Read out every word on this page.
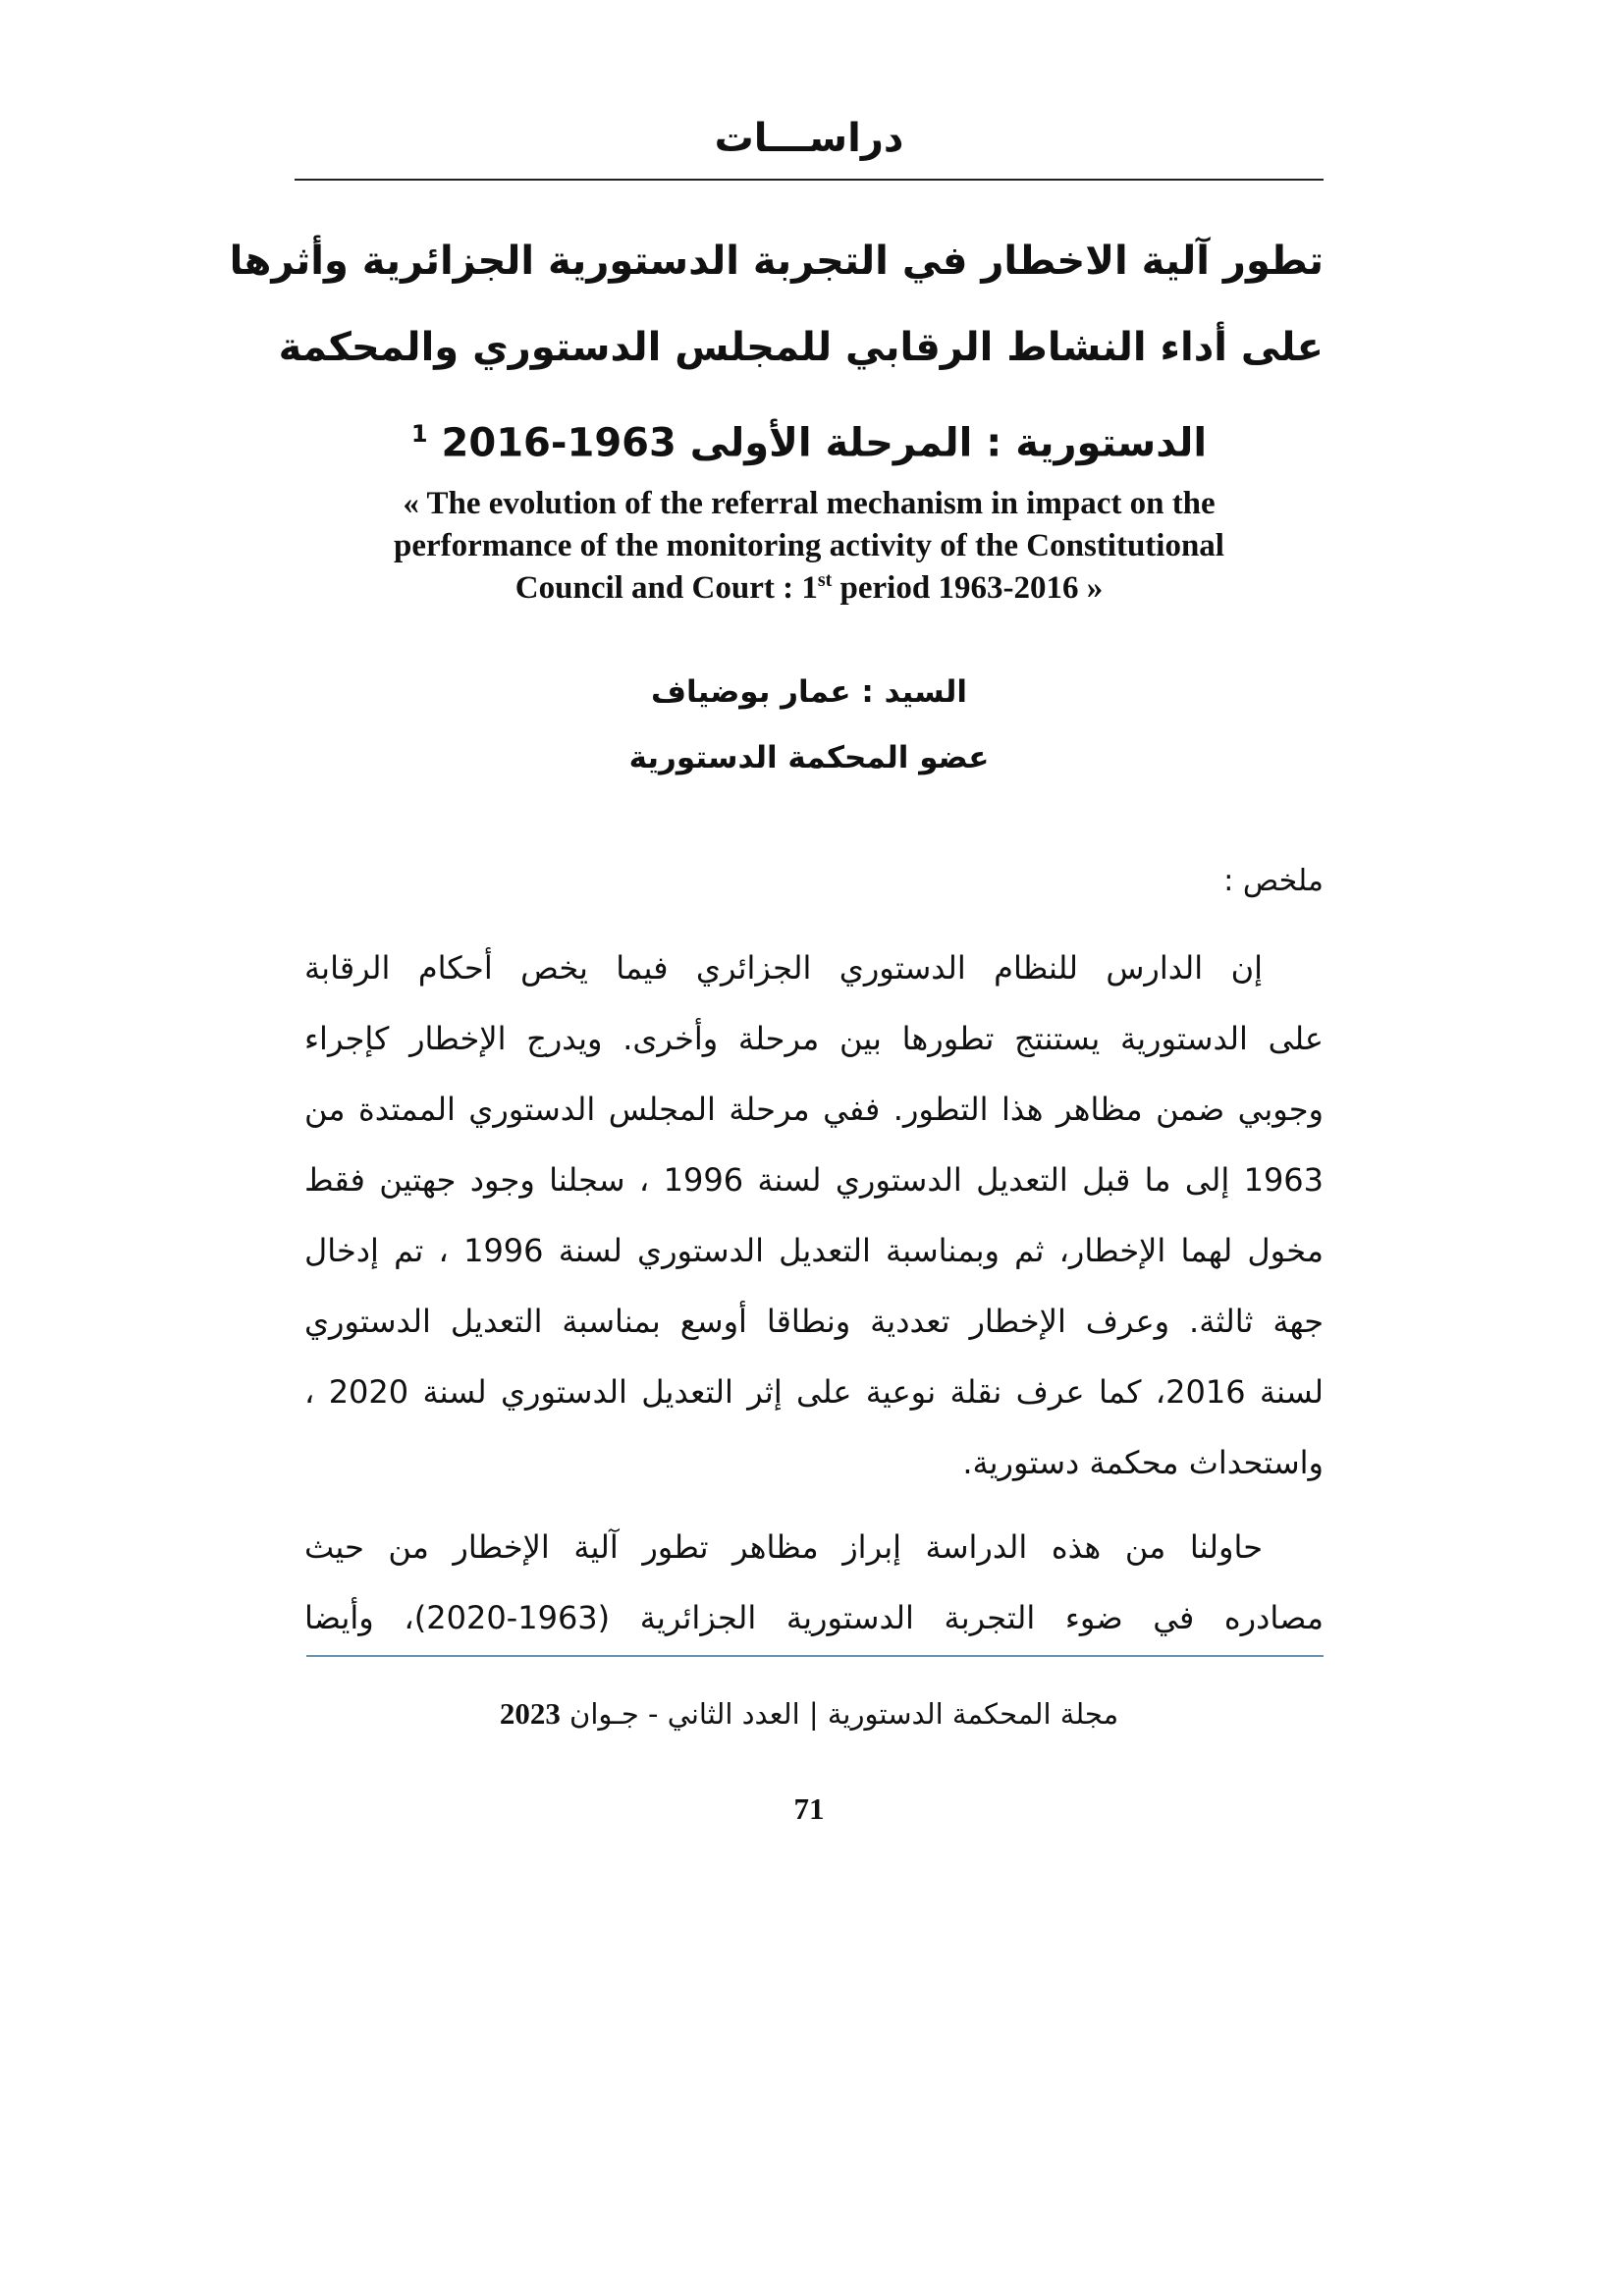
دراســـات
تطور آلية الاخطار في التجربة الدستورية الجزائرية وأثرها
على أداء النشاط الرقابي للمجلس الدستوري والمحكمة
الدستورية : المرحلة الأولى 1963-2016 $^1$
« The evolution of the referral mechanism in impact on the
performance of the monitoring activity of the Constitutional
Council and Court : 1st period 1963-2016 »
السيد : عمار بوضياف
عضو المحكمة الدستورية
ملخص :
إن الدارس للنظام الدستوري الجزائري فيما يخص أحكام الرقابة
على الدستورية يستنتج تطورها بين مرحلة وأخرى. ويدرج الإخطار كإجراء
وجوبي ضمن مظاهر هذا التطور. ففي مرحلة المجلس الدستوري الممتدة من
1963 إلى ما قبل التعديل الدستوري لسنة 1996 ، سجلنا وجود جهتين فقط
مخول لهما الإخطار، ثم وبمناسبة التعديل الدستوري لسنة 1996 ، تم إدخال
جهة ثالثة. وعرف الإخطار تعددية ونطاقا أوسع بمناسبة التعديل الدستوري
لسنة 2016، كما عرف نقلة نوعية على إثر التعديل الدستوري لسنة 2020 ،
واستحداث محكمة دستورية.
حاولنا من هذه الدراسة إبراز مظاهر تطور آلية الإخطار من حيث
مصادره في ضوء التجربة الدستورية الجزائرية (1963-2020)، وأيضا
مجلة المحكمة الدستورية | العدد الثاني - جـوان 2023
71
